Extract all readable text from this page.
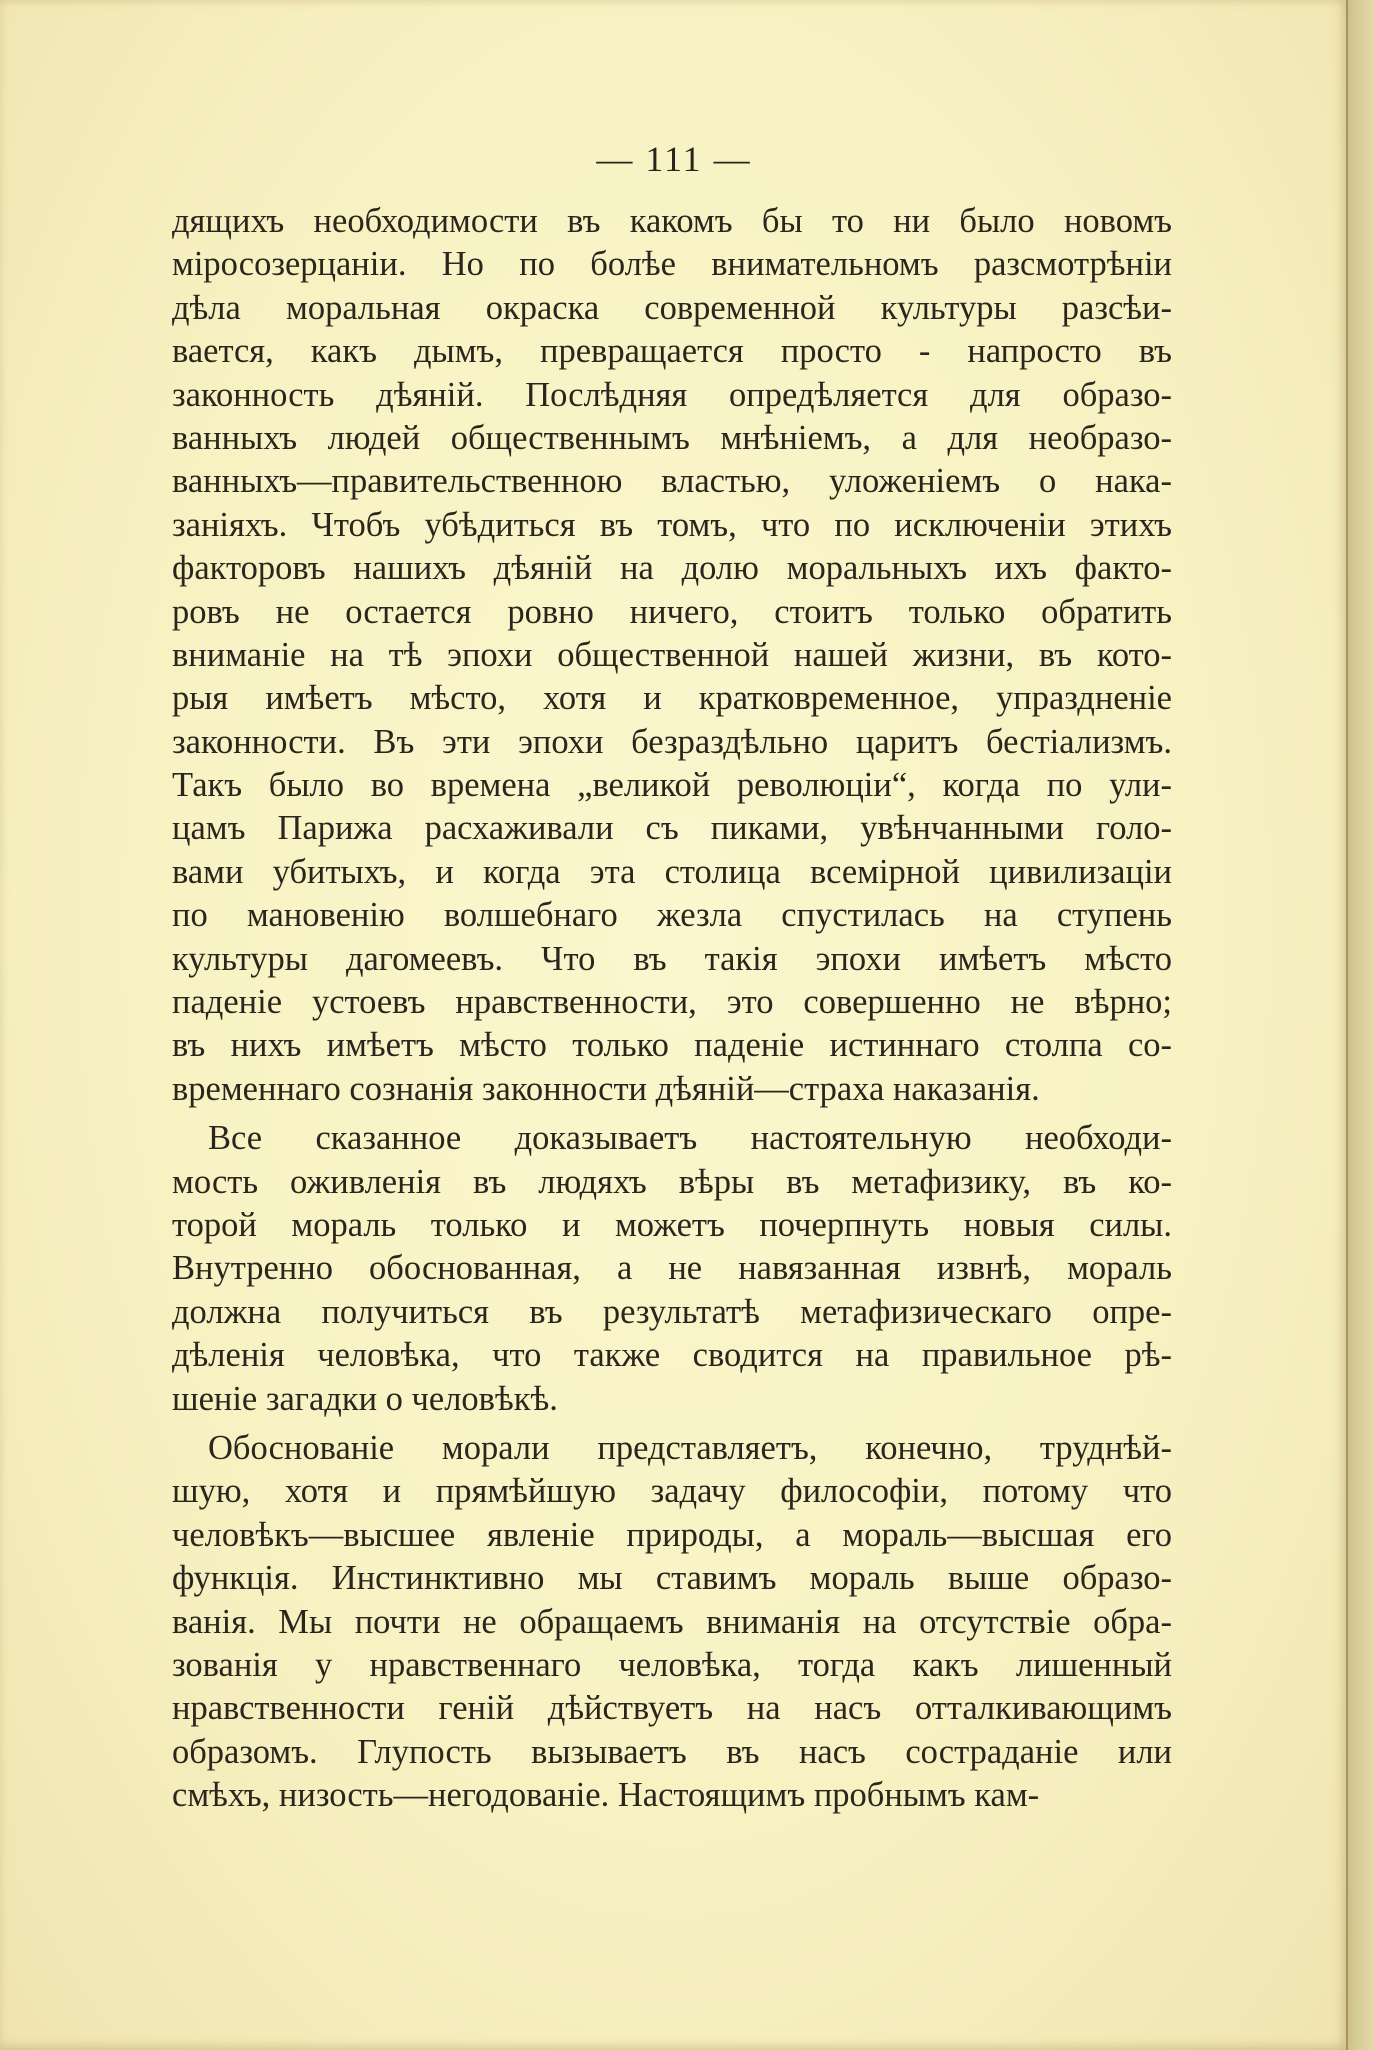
— 111 —
дящихъ необходимости въ какомъ бы то ни было новомъ
міросозерцаніи. Но по болѣе внимательномъ разсмотрѣніи
дѣла моральная окраска современной культуры разсѣи-
вается, какъ дымъ, превращается просто - напросто въ
законность дѣяній. Послѣдняя опредѣляется для образо-
ванныхъ людей общественнымъ мнѣніемъ, а для необразо-
ванныхъ—правительственною властью, уложеніемъ о нака-
заніяхъ. Чтобъ убѣдиться въ томъ, что по исключеніи этихъ
факторовъ нашихъ дѣяній на долю моральныхъ ихъ факто-
ровъ не остается ровно ничего, стоитъ только обратить
вниманіе на тѣ эпохи общественной нашей жизни, въ кото-
рыя имѣетъ мѣсто, хотя и кратковременное, упраздненіе
законности. Въ эти эпохи безраздѣльно царитъ бестіализмъ.
Такъ было во времена „великой революціи“, когда по ули-
цамъ Парижа расхаживали съ пиками, увѣнчанными голо-
вами убитыхъ, и когда эта столица всемірной цивилизаціи
по мановенію волшебнаго жезла спустилась на ступень
культуры дагомеевъ. Что въ такія эпохи имѣетъ мѣсто
паденіе устоевъ нравственности, это совершенно не вѣрно;
въ нихъ имѣетъ мѣсто только паденіе истиннаго столпа со-
временнаго сознанія законности дѣяній—страха наказанія.
Все сказанное доказываетъ настоятельную необходи-
мость оживленія въ людяхъ вѣры въ метафизику, въ ко-
торой мораль только и можетъ почерпнуть новыя силы.
Внутренно обоснованная, а не навязанная извнѣ, мораль
должна получиться въ результатѣ метафизическаго опре-
дѣленія человѣка, что также сводится на правильное рѣ-
шеніе загадки о человѣкѣ.
Обоснованіе морали представляетъ, конечно, труднѣй-
шую, хотя и прямѣйшую задачу философіи, потому что
человѣкъ—высшее явленіе природы, а мораль—высшая его
функція. Инстинктивно мы ставимъ мораль выше образо-
ванія. Мы почти не обращаемъ вниманія на отсутствіе обра-
зованія у нравственнаго человѣка, тогда какъ лишенный
нравственности геній дѣйствуетъ на насъ отталкивающимъ
образомъ. Глупость вызываетъ въ насъ состраданіе или
смѣхъ, низость—негодованіе. Настоящимъ пробнымъ кам-
